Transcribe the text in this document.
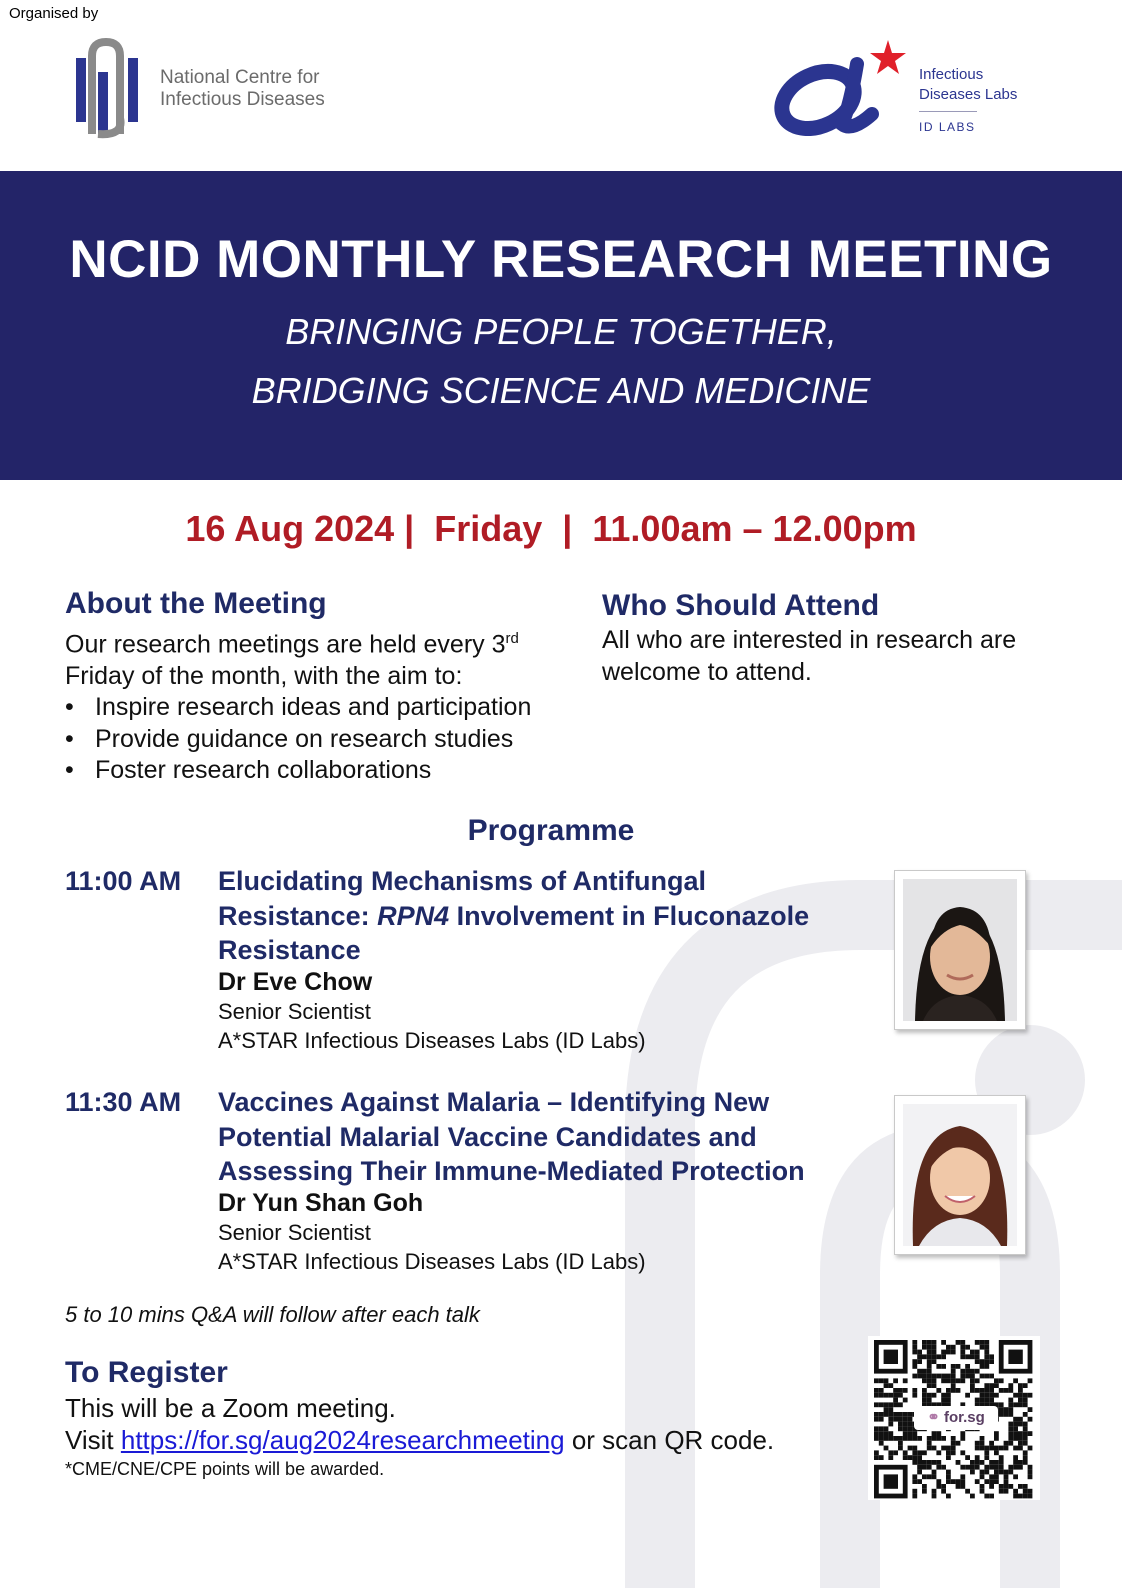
Organised by
National Centre for
Infectious Diseases
Infectious
Diseases Labs
ID LABS
NCID MONTHLY RESEARCH MEETING
BRINGING PEOPLE TOGETHER,
BRIDGING SCIENCE AND MEDICINE
16 Aug 2024 |  Friday  |  11.00am – 12.00pm
About the Meeting
Our research meetings are held every 3rd
Friday of the month, with the aim to:
• Inspire research ideas and participation
• Provide guidance on research studies
• Foster research collaborations
Who Should Attend
All who are interested in research are
welcome to attend.
Programme
11:00 AM Elucidating Mechanisms of Antifungal
Resistance: RPN4 Involvement in Fluconazole
Resistance
Dr Eve Chow
Senior Scientist
A*STAR Infectious Diseases Labs (ID Labs)
11:30 AM Vaccines Against Malaria – Identifying New
Potential Malarial Vaccine Candidates and
Assessing Their Immune-Mediated Protection
Dr Yun Shan Goh
Senior Scientist
A*STAR Infectious Diseases Labs (ID Labs)
5 to 10 mins Q&A will follow after each talk
To Register
This will be a Zoom meeting.
Visit https://for.sg/aug2024researchmeeting or scan QR code.
*CME/CNE/CPE points will be awarded.
⚭ for.sg
